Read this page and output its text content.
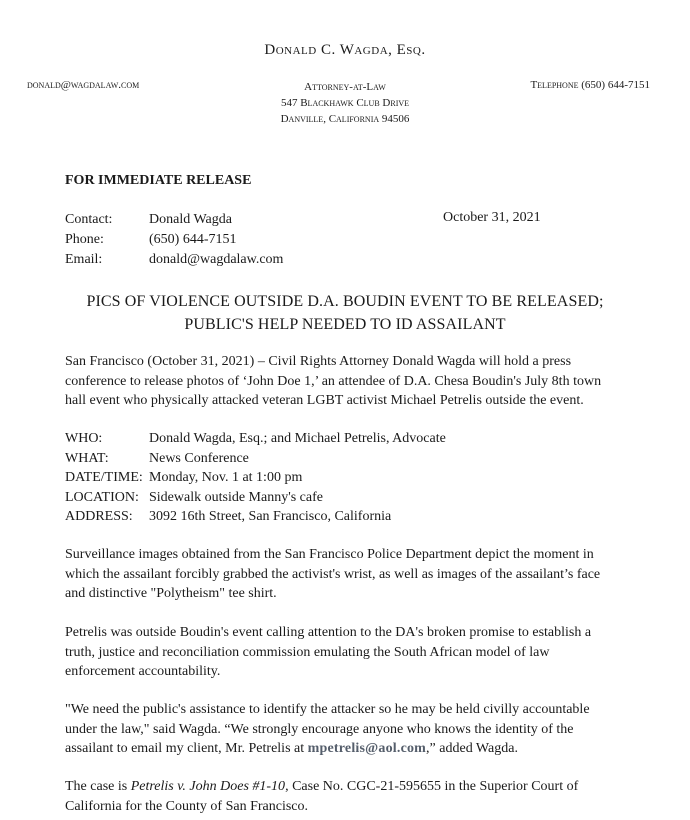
Donald C. Wagda, Esq.
donald@wagdalaw.com	Attorney-at-Law
547 Blackhawk Club Drive
Danville, California 94506
Telephone (650) 644-7151
FOR IMMEDIATE RELEASE
Contact:	Donald Wagda
Phone:	(650) 644-7151
Email:	donald@wagdalaw.com
October 31, 2021
PICS OF VIOLENCE OUTSIDE D.A. BOUDIN EVENT TO BE RELEASED;
PUBLIC'S HELP NEEDED TO ID ASSAILANT
San Francisco (October 31, 2021) – Civil Rights Attorney Donald Wagda will hold a press conference to release photos of ‘John Doe 1,’ an attendee of D.A. Chesa Boudin's July 8th town hall event who physically attacked veteran LGBT activist Michael Petrelis outside the event.
WHO:	Donald Wagda, Esq.; and Michael Petrelis, Advocate
WHAT:	News Conference
DATE/TIME: Monday, Nov. 1 at 1:00 pm
LOCATION: Sidewalk outside Manny's cafe
ADDRESS:	3092 16th Street, San Francisco, California
Surveillance images obtained from the San Francisco Police Department depict the moment in which the assailant forcibly grabbed the activist's wrist, as well as images of the assailant’s face and distinctive "Polytheism" tee shirt.
Petrelis was outside Boudin's event calling attention to the DA's broken promise to establish a truth, justice and reconciliation commission emulating the South African model of law enforcement accountability.
"We need the public's assistance to identify the attacker so he may be held civilly accountable under the law," said Wagda. “We strongly encourage anyone who knows the identity of the assailant to email my client, Mr. Petrelis at mpetrelis@aol.com,” added Wagda.
The case is Petrelis v. John Does #1-10, Case No. CGC-21-595655 in the Superior Court of California for the County of San Francisco.
